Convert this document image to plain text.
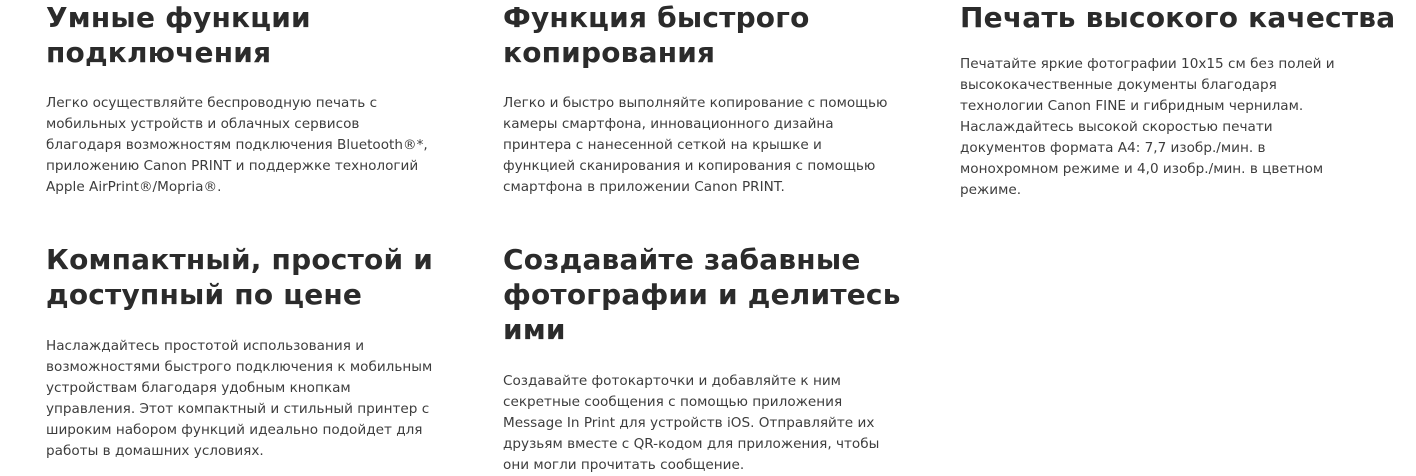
Умные функции
подключения

Легко осуществляйте беспроводную печать с
мобильных устройств и облачных сервисов
благодаря возможностям подключения Bluetooth®*,
приложению Canon PRINT и поддержке технологий
Apple AirPrint®/Mopria®.

Функция быстрого
копирования

Легко и быстро выполняйте копирование с помощью
камеры смартфона, инновационного дизайна
принтера с нанесенной сеткой на крышке и
функцией сканирования и копирования с помощью
смартфона в приложении Canon PRINT.

Печать высокого качества

Печатайте яркие фотографии 10x15 см без полей и
высококачественные документы благодаря
технологии Canon FINE и гибридным чернилам.
Наслаждайтесь высокой скоростью печати
документов формата A4: 7,7 изобр./мин. в
монохромном режиме и 4,0 изобр./мин. в цветном
режиме.

Компактный, простой и
доступный по цене

Наслаждайтесь простотой использования и
возможностями быстрого подключения к мобильным
устройствам благодаря удобным кнопкам
управления. Этот компактный и стильный принтер с
широким набором функций идеально подойдет для
работы в домашних условиях.

Создавайте забавные
фотографии и делитесь
ими

Создавайте фотокарточки и добавляйте к ним
секретные сообщения с помощью приложения
Message In Print для устройств iOS. Отправляйте их
друзьям вместе с QR-кодом для приложения, чтобы
они могли прочитать сообщение.
